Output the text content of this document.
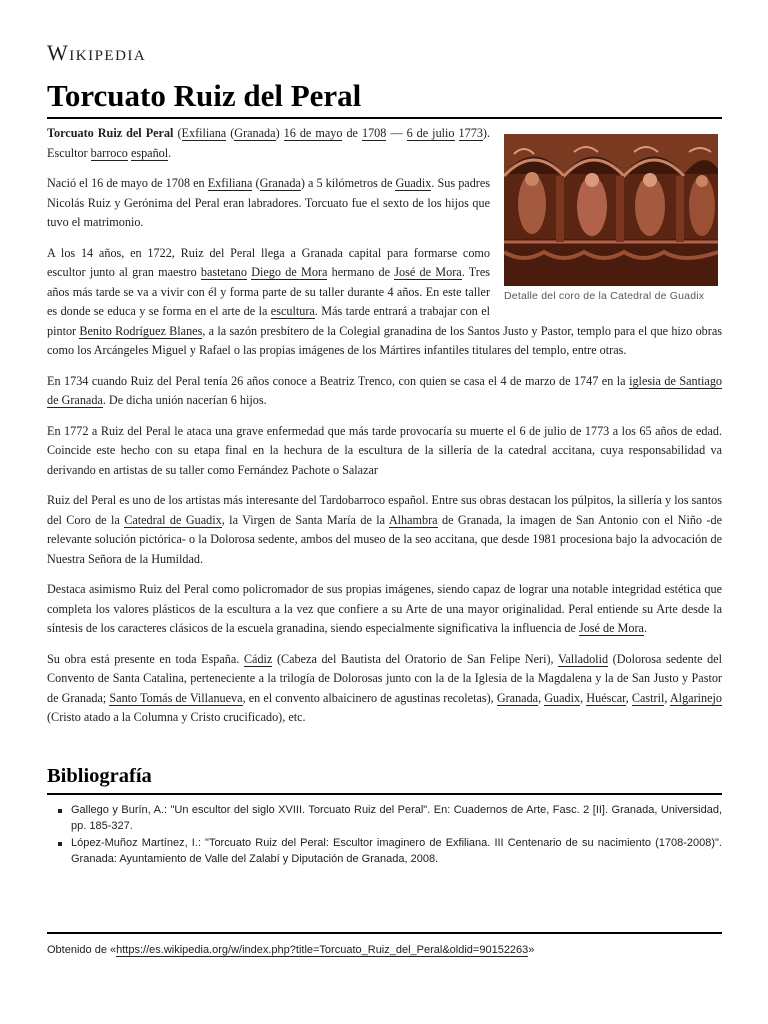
Wikipedia
Torcuato Ruiz del Peral
Detalle del coro de la Catedral de Guadix

Torcuato Ruiz del Peral (Exfiliana (Granada) 16 de mayo de 1708 — 6 de julio 1773). Escultor barroco español.

Nació el 16 de mayo de 1708 en Exfiliana (Granada) a 5 kilómetros de Guadix. Sus padres Nicolás Ruiz y Gerónima del Peral eran labradores. Torcuato fue el sexto de los hijos que tuvo el matrimonio.

A los 14 años, en 1722, Ruiz del Peral llega a Granada capital para formarse como escultor junto al gran maestro bastetano Diego de Mora hermano de José de Mora. Tres años más tarde se va a vivir con él y forma parte de su taller durante 4 años. En este taller es donde se educa y se forma en el arte de la escultura. Más tarde entrará a trabajar con el pintor Benito Rodríguez Blanes, a la sazón presbítero de la Colegial granadina de los Santos Justo y Pastor, templo para el que hizo obras como los Arcángeles Miguel y Rafael o las propias imágenes de los Mártires infantiles titulares del templo, entre otras.

En 1734 cuando Ruiz del Peral tenía 26 años conoce a Beatriz Trenco, con quien se casa el 4 de marzo de 1747 en la iglesia de Santiago de Granada. De dicha unión nacerían 6 hijos.

En 1772 a Ruiz del Peral le ataca una grave enfermedad que más tarde provocaría su muerte el 6 de julio de 1773 a los 65 años de edad. Coincide este hecho con su etapa final en la hechura de la escultura de la sillería de la catedral accitana, cuya responsabilidad va derivando en artistas de su taller como Fernández Pachote o Salazar

Ruiz del Peral es uno de los artistas más interesante del Tardobarroco español. Entre sus obras destacan los púlpitos, la sillería y los santos del Coro de la Catedral de Guadix, la Virgen de Santa María de la Alhambra de Granada, la imagen de San Antonio con el Niño -de relevante solución pictórica- o la Dolorosa sedente, ambos del museo de la seo accitana, que desde 1981 procesiona bajo la advocación de Nuestra Señora de la Humildad.

Destaca asimismo Ruiz del Peral como policromador de sus propias imágenes, siendo capaz de lograr una notable integridad estética que completa los valores plásticos de la escultura a la vez que confiere a su Arte de una mayor originalidad. Peral entiende su Arte desde la síntesis de los caracteres clásicos de la escuela granadina, siendo especialmente significativa la influencia de José de Mora.

Su obra está presente en toda España. Cádiz (Cabeza del Bautista del Oratorio de San Felipe Neri), Valladolid (Dolorosa sedente del Convento de Santa Catalina, perteneciente a la trilogía de Dolorosas junto con la de la Iglesia de la Magdalena y la de San Justo y Pastor de Granada; Santo Tomás de Villanueva, en el convento albaicinero de agustinas recoletas), Granada, Guadix, Huéscar, Castril, Algarinejo (Cristo atado a la Columna y Cristo crucificado), etc.

Bibliografía
Gallego y Burín, A.: "Un escultor del siglo XVIII. Torcuato Ruiz del Peral". En: Cuadernos de Arte, Fasc. 2 [II]. Granada, Universidad, pp. 185-327.
López-Muñoz Martínez, I.: "Torcuato Ruiz del Peral: Escultor imaginero de Exfiliana. III Centenario de su nacimiento (1708-2008)". Granada: Ayuntamiento de Valle del Zalabí y Diputación de Granada, 2008.
Obtenido de «https://es.wikipedia.org/w/index.php?title=Torcuato_Ruiz_del_Peral&oldid=90152263»
